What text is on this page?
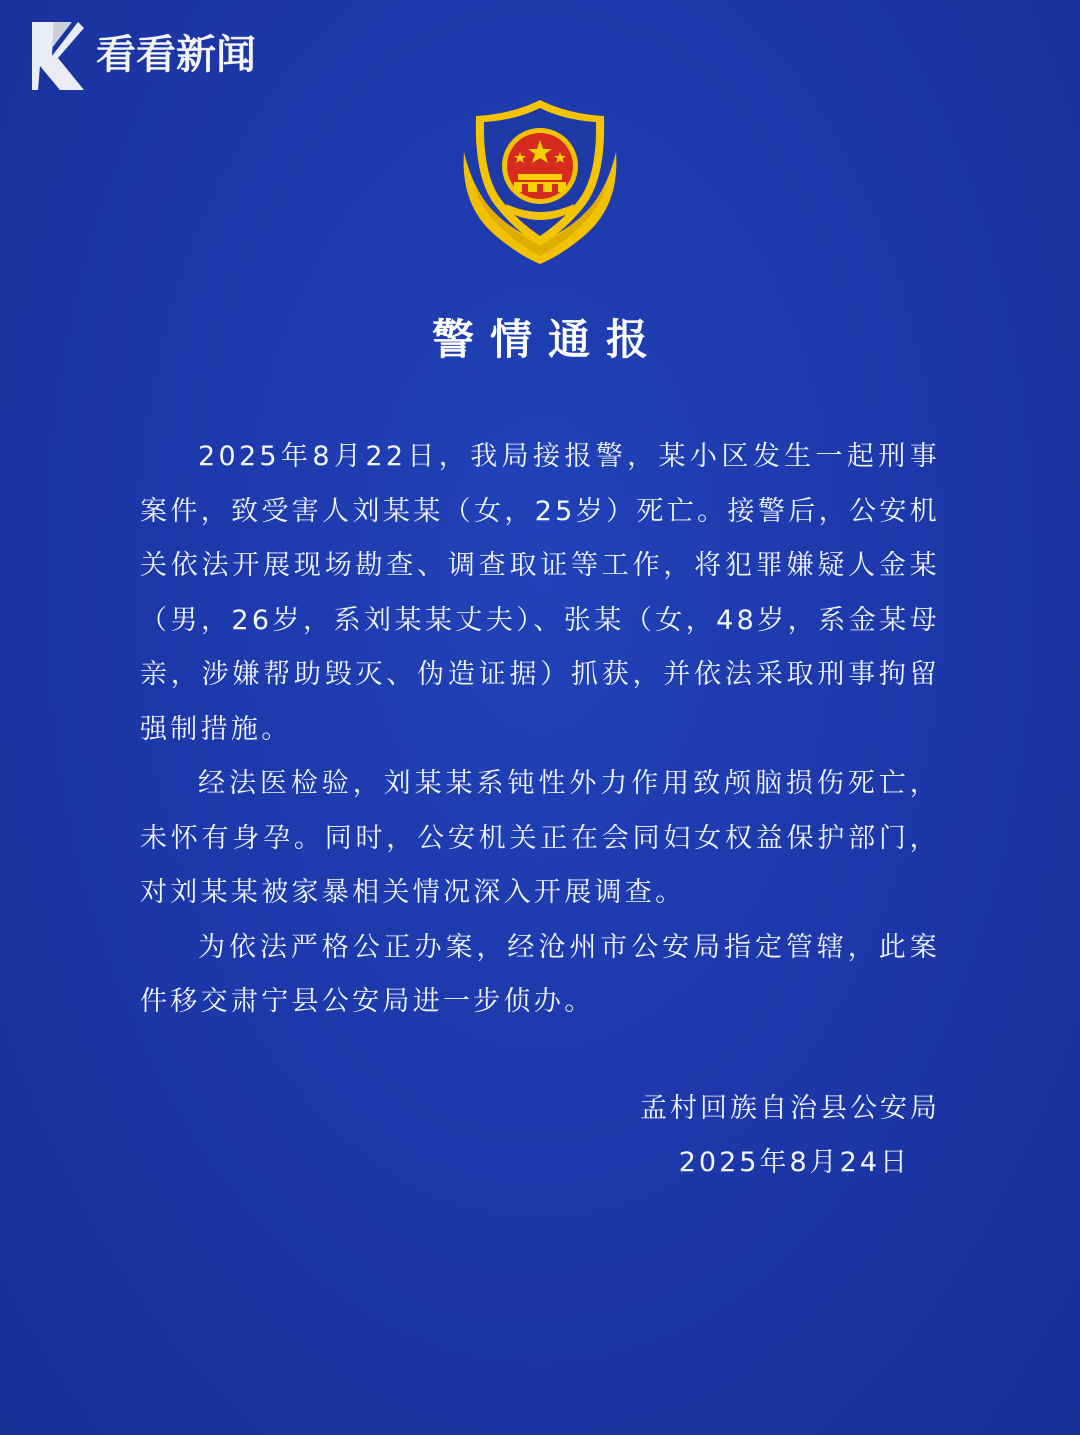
看看新闻
警情通报

2025年8月22日，我局接报警，某小区发生一起刑事案件，致受害人刘某某（女，25岁）死亡。接警后，公安机关依法开展现场勘查、调查取证等工作，将犯罪嫌疑人金某（男，26岁，系刘某某丈夫）、张某（女，48岁，系金某母亲，涉嫌帮助毁灭、伪造证据）抓获，并依法采取刑事拘留强制措施。

经法医检验，刘某某系钝性外力作用致颅脑损伤死亡，未怀有身孕。同时，公安机关正在会同妇女权益保护部门，对刘某某被家暴相关情况深入开展调查。

为依法严格公正办案，经沧州市公安局指定管辖，此案件移交肃宁县公安局进一步侦办。

孟村回族自治县公安局
2025年8月24日
